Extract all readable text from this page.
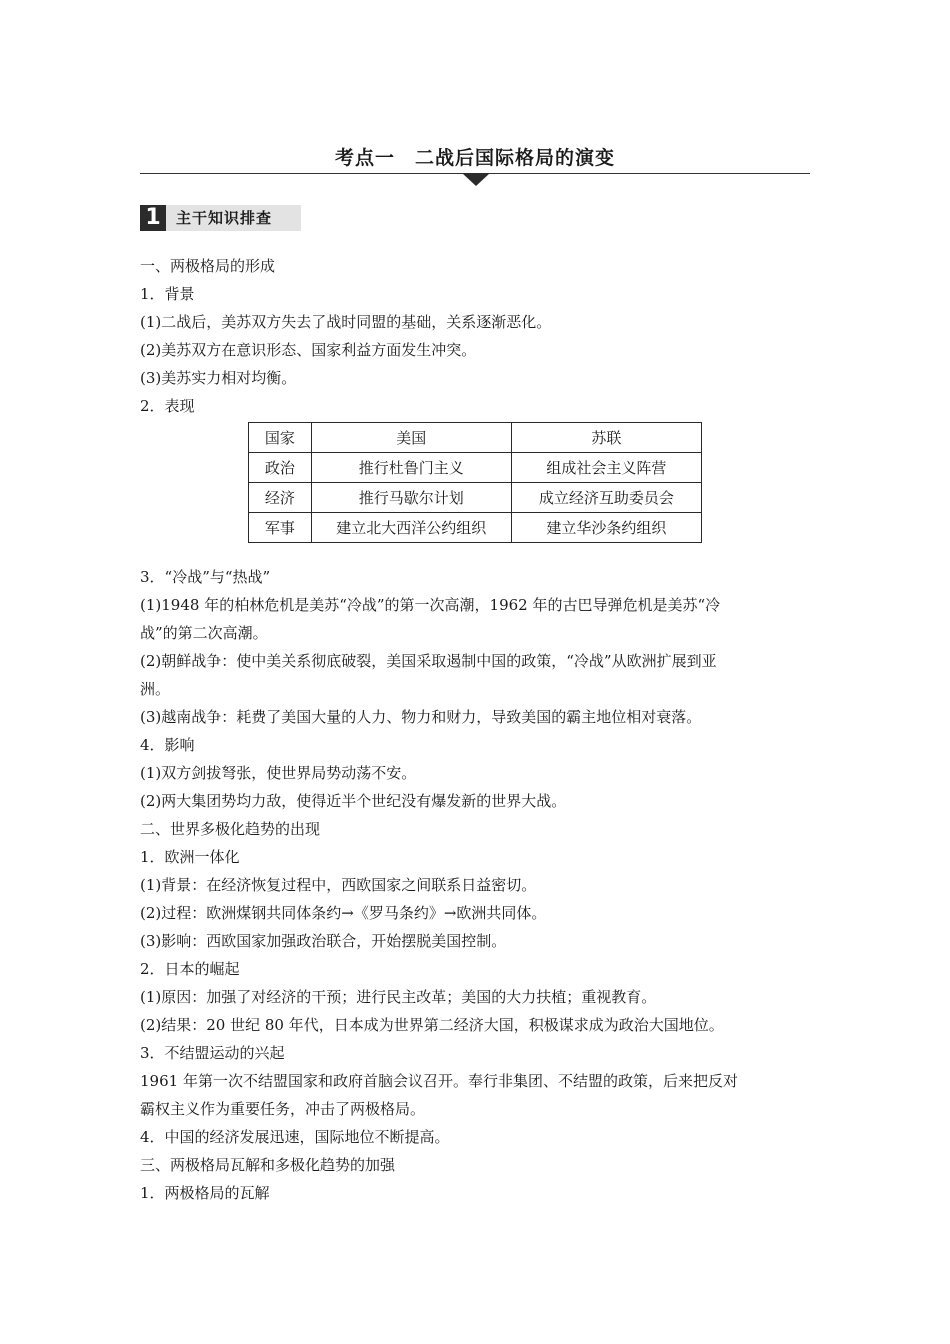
考点一　二战后国际格局的演变
1	主干知识排查
一、两极格局的形成
1．背景
(1)二战后，美苏双方失去了战时同盟的基础，关系逐渐恶化。
(2)美苏双方在意识形态、国家利益方面发生冲突。
(3)美苏实力相对均衡。
2．表现
国家	美国	苏联
政治	推行杜鲁门主义	组成社会主义阵营
经济	推行马歇尔计划	成立经济互助委员会
军事	建立北大西洋公约组织	建立华沙条约组织
3．“冷战”与“热战”
(1)1948 年的柏林危机是美苏“冷战”的第一次高潮，1962 年的古巴导弹危机是美苏“冷
战”的第二次高潮。
(2)朝鲜战争：使中美关系彻底破裂，美国采取遏制中国的政策，“冷战”从欧洲扩展到亚
洲。
(3)越南战争：耗费了美国大量的人力、物力和财力，导致美国的霸主地位相对衰落。
4．影响
(1)双方剑拔弩张，使世界局势动荡不安。
(2)两大集团势均力敌，使得近半个世纪没有爆发新的世界大战。
二、世界多极化趋势的出现
1．欧洲一体化
(1)背景：在经济恢复过程中，西欧国家之间联系日益密切。
(2)过程：欧洲煤钢共同体条约→《罗马条约》→欧洲共同体。
(3)影响：西欧国家加强政治联合，开始摆脱美国控制。
2．日本的崛起
(1)原因：加强了对经济的干预；进行民主改革；美国的大力扶植；重视教育。
(2)结果：20 世纪 80 年代，日本成为世界第二经济大国，积极谋求成为政治大国地位。
3．不结盟运动的兴起
1961 年第一次不结盟国家和政府首脑会议召开。奉行非集团、不结盟的政策，后来把反对
霸权主义作为重要任务，冲击了两极格局。
4．中国的经济发展迅速，国际地位不断提高。
三、两极格局瓦解和多极化趋势的加强
1．两极格局的瓦解
